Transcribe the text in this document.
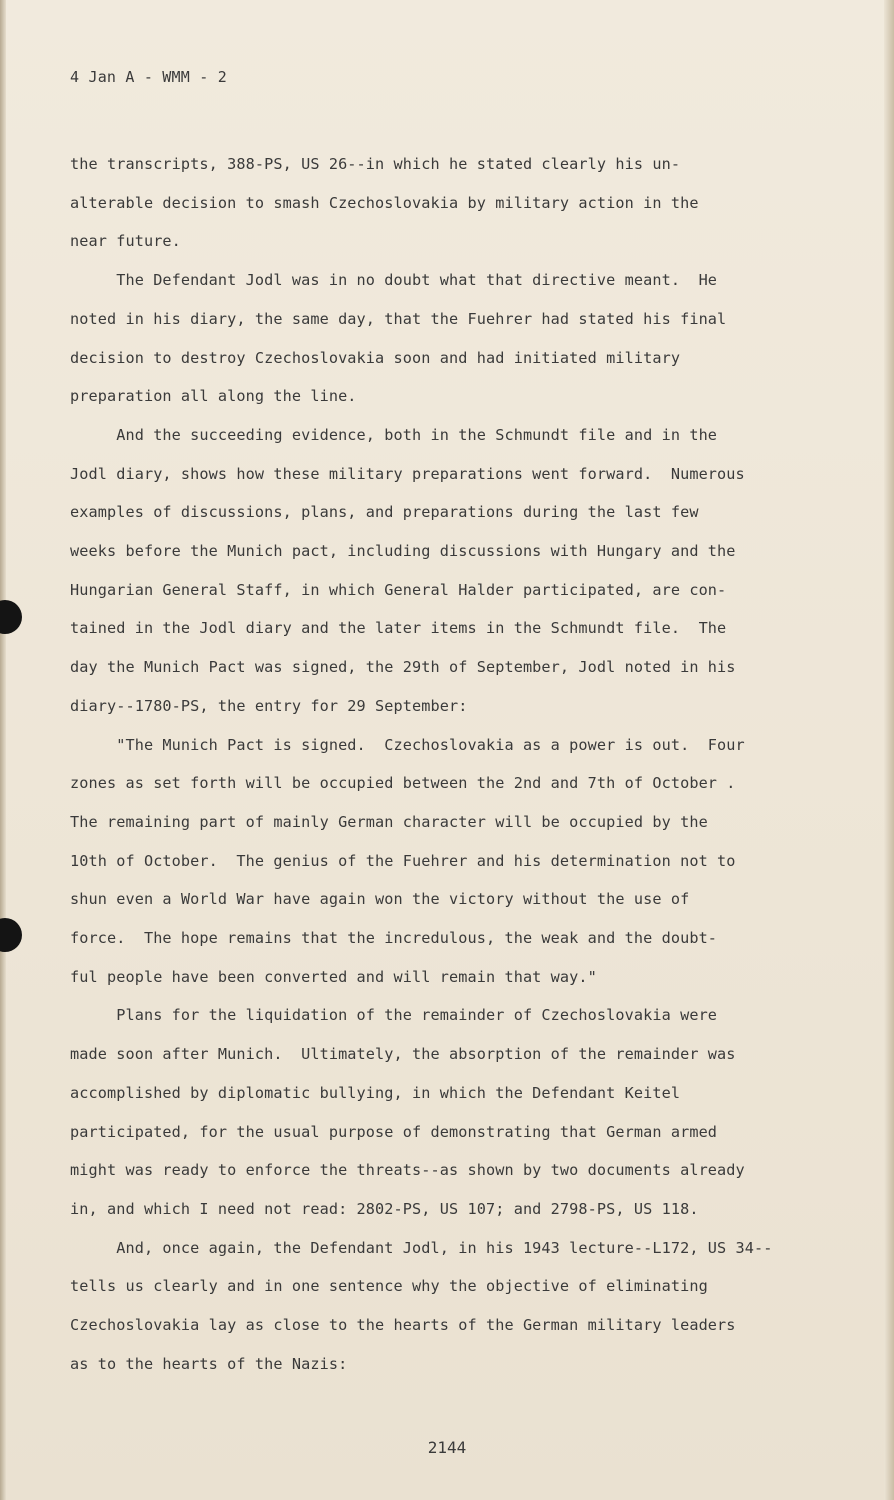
4 Jan A - WMM - 2

the transcripts, 388-PS, US 26--in which he stated clearly his un-

alterable decision to smash Czechoslovakia by military action in the

near future.

The Defendant Jodl was in no doubt what that directive meant.  He

noted in his diary, the same day, that the Fuehrer had stated his final

decision to destroy Czechoslovakia soon and had initiated military

preparation all along the line.

And the succeeding evidence, both in the Schmundt file and in the

Jodl diary, shows how these military preparations went forward.  Numerous

examples of discussions, plans, and preparations during the last few

weeks before the Munich pact, including discussions with Hungary and the

Hungarian General Staff, in which General Halder participated, are con-

tained in the Jodl diary and the later items in the Schmundt file.  The

day the Munich Pact was signed, the 29th of September, Jodl noted in his

diary--1780-PS, the entry for 29 September:

"The Munich Pact is signed.  Czechoslovakia as a power is out.  Four

zones as set forth will be occupied between the 2nd and 7th of October .

The remaining part of mainly German character will be occupied by the

10th of October.  The genius of the Fuehrer and his determination not to

shun even a World War have again won the victory without the use of

force.  The hope remains that the incredulous, the weak and the doubt-

ful people have been converted and will remain that way."

Plans for the liquidation of the remainder of Czechoslovakia were

made soon after Munich.  Ultimately, the absorption of the remainder was

accomplished by diplomatic bullying, in which the Defendant Keitel

participated, for the usual purpose of demonstrating that German armed

might was ready to enforce the threats--as shown by two documents already

in, and which I need not read: 2802-PS, US 107; and 2798-PS, US 118.

And, once again, the Defendant Jodl, in his 1943 lecture--L172, US 34--

tells us clearly and in one sentence why the objective of eliminating

Czechoslovakia lay as close to the hearts of the German military leaders

as to the hearts of the Nazis:

2144
